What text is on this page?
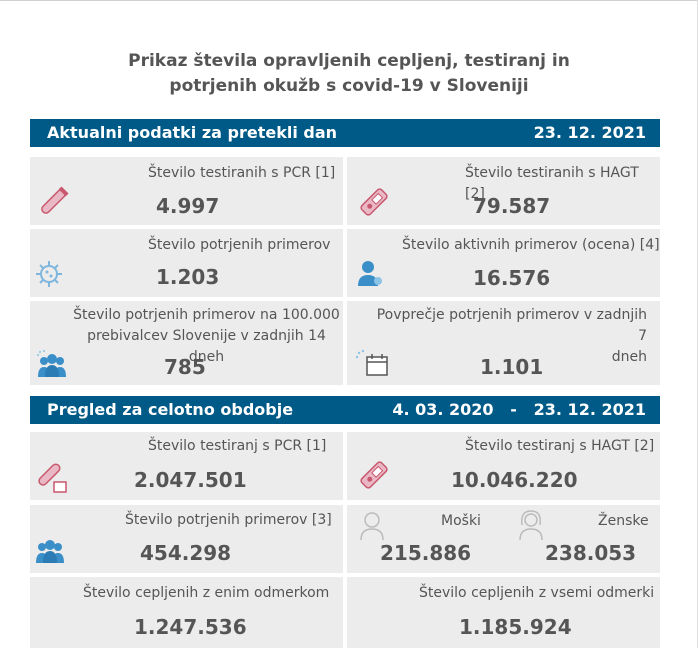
Prikaz števila opravljenih cepljenj, testiranj in
potrjenih okužb s covid-19 v Sloveniji
Aktualni podatki za pretekli dan	23. 12. 2021
Število testiranih s PCR [1]
4.997
Število testiranih s HAGT [2]
79.587
Število potrjenih primerov
1.203
Število aktivnih primerov (ocena) [4]
16.576
Število potrjenih primerov na 100.000
prebivalcev Slovenije v zadnjih 14 dneh
785
Povprečje potrjenih primerov v zadnjih 7
dneh
1.101
Pregled za celotno obdobje	4. 03. 2020 - 23. 12. 2021
Število testiranj s PCR [1]
2.047.501
Število testiranj s HAGT [2]
10.046.220
Število potrjenih primerov [3]
454.298
Moški
215.886
Ženske
238.053
Število cepljenih z enim odmerkom
1.247.536
Število cepljenih z vsemi odmerki
1.185.924
